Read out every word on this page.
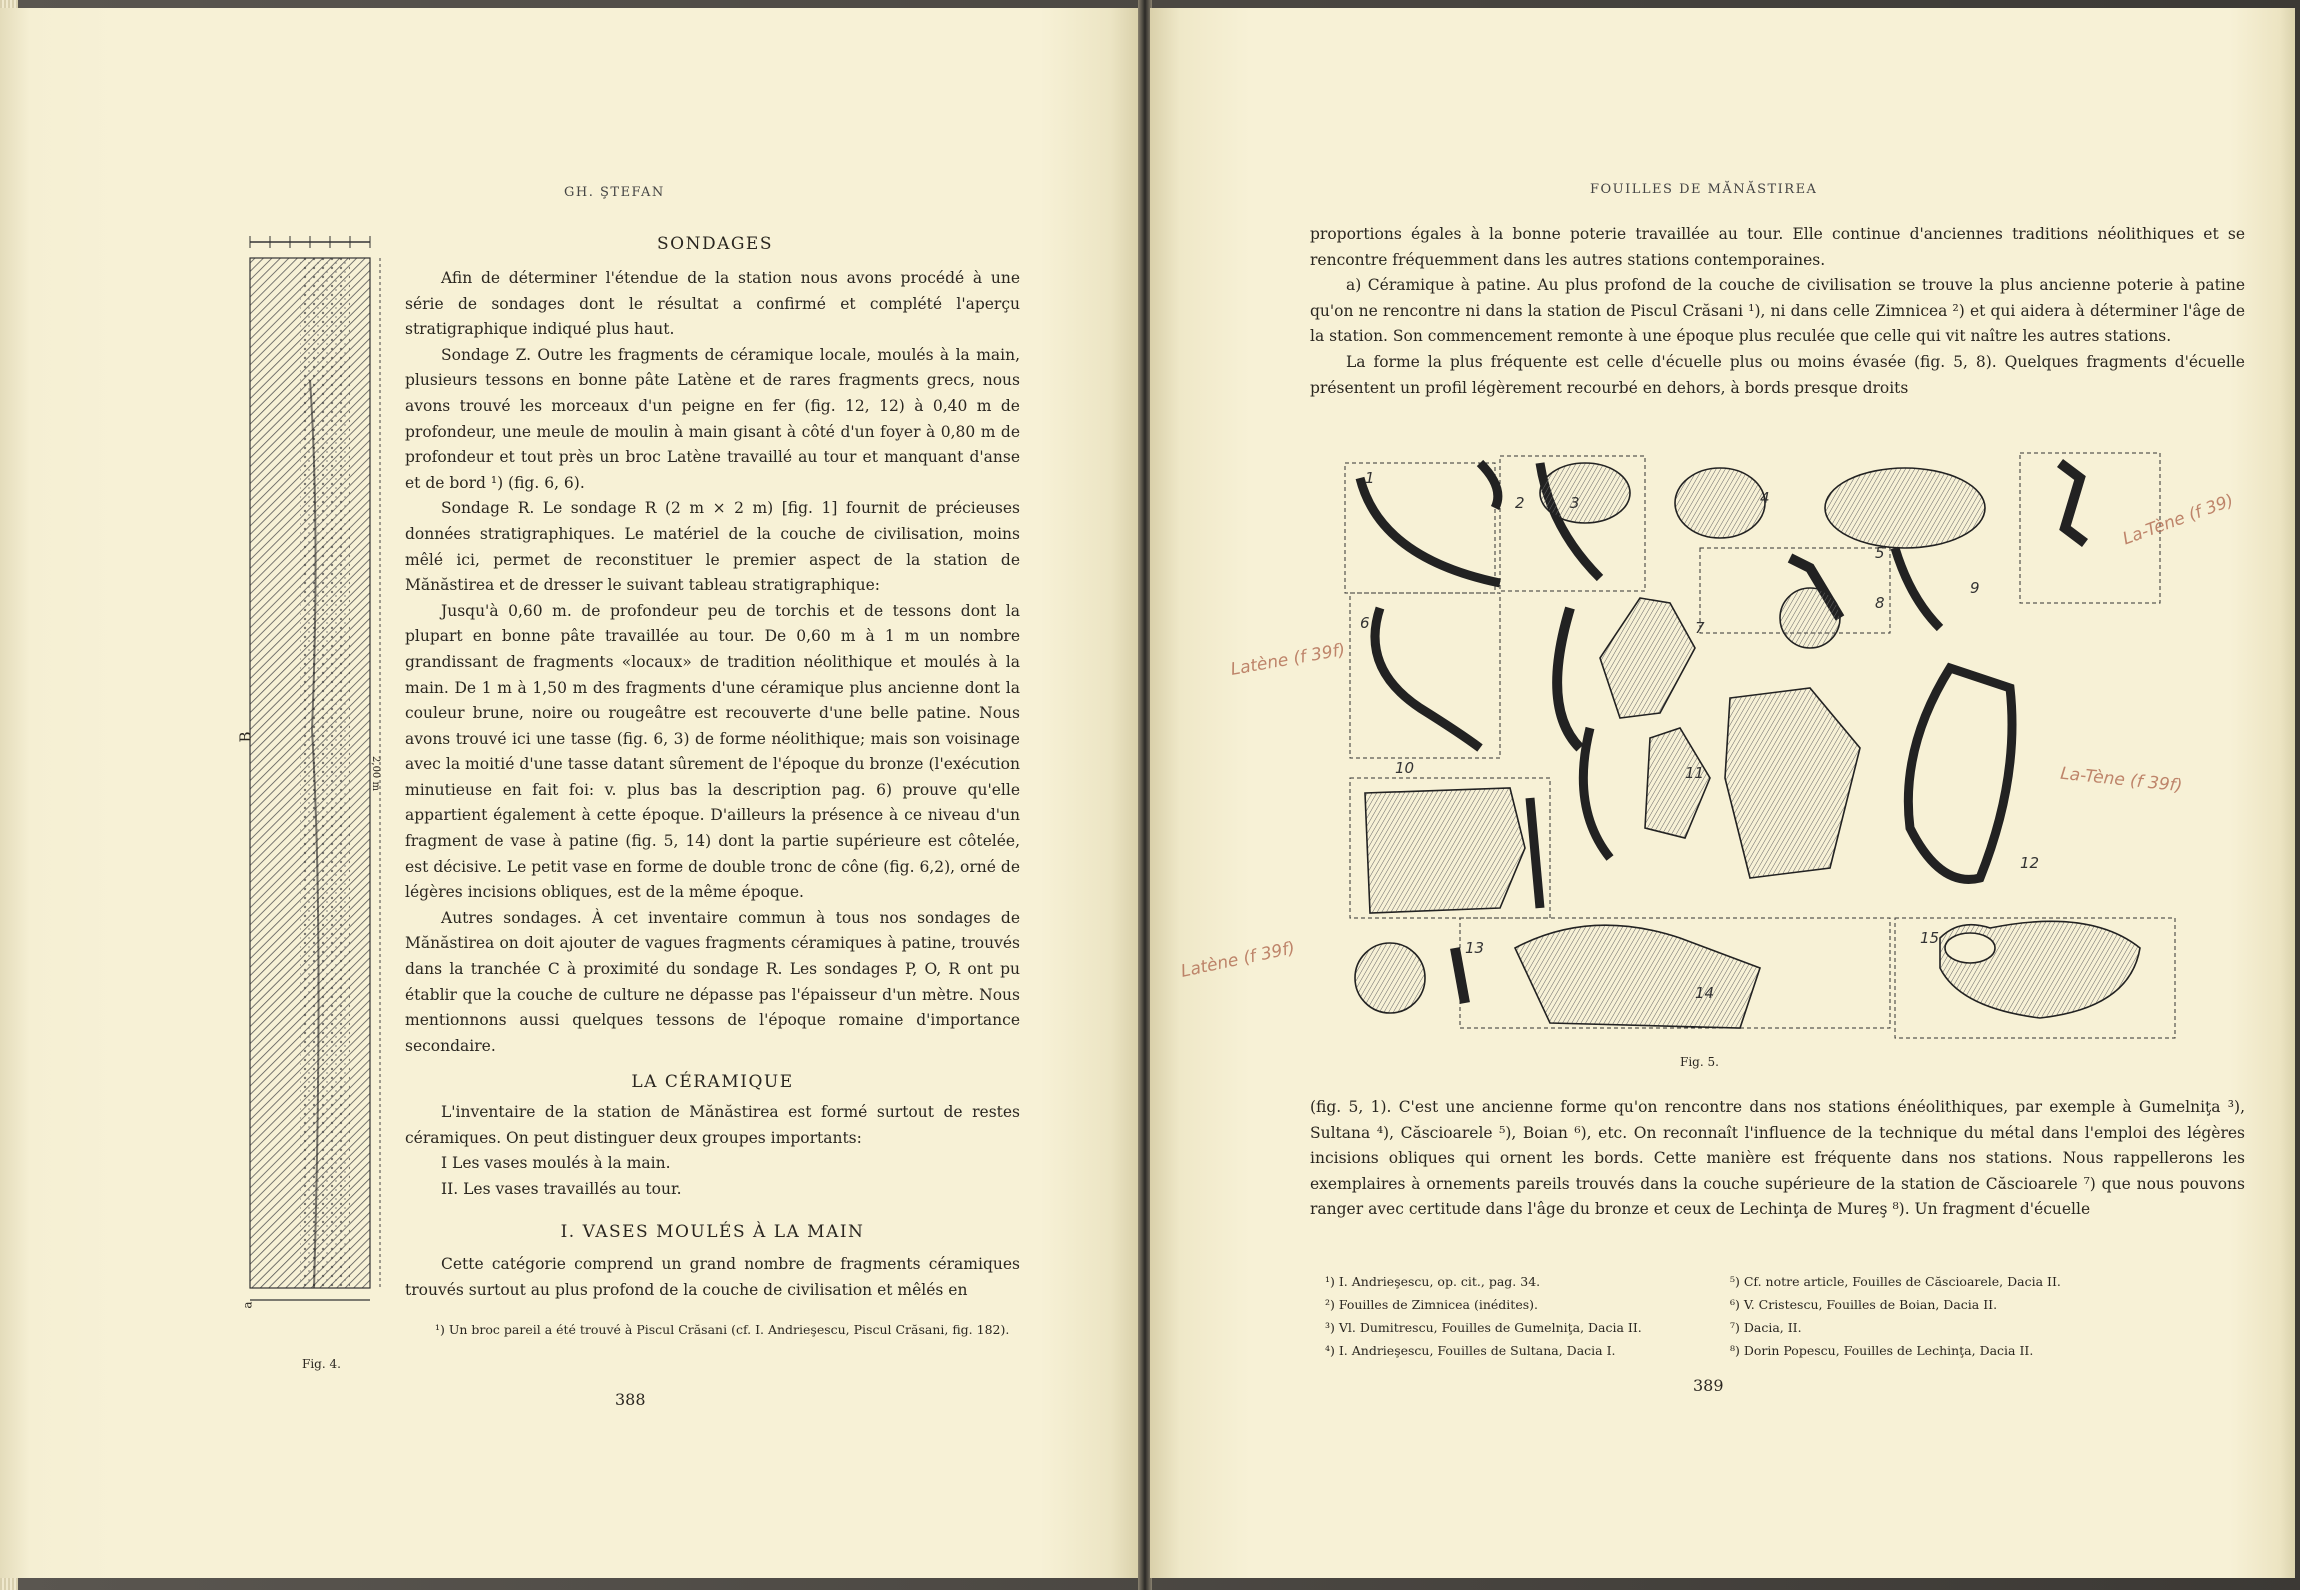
GH. ŞTEFAN
B
2,00 m
a
Fig. 4.
SONDAGES

Afin de déterminer l'étendue de la station nous avons procédé à une série de sondages dont le résultat a confirmé et complété l'aperçu stratigraphique indiqué plus haut.

Sondage Z. Outre les fragments de céramique locale, moulés à la main, plusieurs tessons en bonne pâte Latène et de rares fragments grecs, nous avons trouvé les morceaux d'un peigne en fer (fig. 12, 12) à 0,40 m de profondeur, une meule de moulin à main gisant à côté d'un foyer à 0,80 m de profondeur et tout près un broc Latène travaillé au tour et manquant d'anse et de bord ¹) (fig. 6, 6).

Sondage R. Le sondage R (2 m × 2 m) [fig. 1] fournit de précieuses données stratigraphiques. Le matériel de la couche de civilisation, moins mêlé ici, permet de reconstituer le premier aspect de la station de Mănăstirea et de dresser le suivant tableau stratigraphique:

Jusqu'à 0,60 m. de profondeur peu de torchis et de tessons dont la plupart en bonne pâte travaillée au tour. De 0,60 m à 1 m un nombre grandissant de fragments «locaux» de tradition néolithique et moulés à la main. De 1 m à 1,50 m des fragments d'une céramique plus ancienne dont la couleur brune, noire ou rougeâtre est recouverte d'une belle patine. Nous avons trouvé ici une tasse (fig. 6, 3) de forme néolithique; mais son voisinage avec la moitié d'une tasse datant sûrement de l'époque du bronze (l'exécution minutieuse en fait foi: v. plus bas la description pag. 6) prouve qu'elle appartient également à cette époque. D'ailleurs la présence à ce niveau d'un fragment de vase à patine (fig. 5, 14) dont la partie supérieure est côtelée, est décisive. Le petit vase en forme de double tronc de cône (fig. 6,2), orné de légères incisions obliques, est de la même époque.

Autres sondages. À cet inventaire commun à tous nos sondages de Mănăstirea on doit ajouter de vagues fragments céramiques à patine, trouvés dans la tranchée C à proximité du sondage R. Les sondages P, O, R ont pu établir que la couche de culture ne dépasse pas l'épaisseur d'un mètre. Nous mentionnons aussi quelques tessons de l'époque romaine d'importance secondaire.

LA CÉRAMIQUE

L'inventaire de la station de Mănăstirea est formé surtout de restes céramiques. On peut distinguer deux groupes importants:

I Les vases moulés à la main.

II. Les vases travaillés au tour.

I. VASES MOULÉS À LA MAIN

Cette catégorie comprend un grand nombre de fragments céramiques trouvés surtout au plus profond de la couche de civilisation et mêlés en

¹) Un broc pareil a été trouvé à Piscul Crăsani (cf. I. Andrieşescu, Piscul Crăsani, fig. 182).
388
FOUILLES DE MĂNĂSTIREA

proportions égales à la bonne poterie travaillée au tour. Elle continue d'anciennes traditions néolithiques et se rencontre fréquemment dans les autres stations contemporaines.

a) Céramique à patine. Au plus profond de la couche de civilisation se trouve la plus ancienne poterie à patine qu'on ne rencontre ni dans la station de Piscul Crăsani ¹), ni dans celle Zimnicea ²) et qui aidera à déterminer l'âge de la station. Son commencement remonte à une époque plus reculée que celle qui vit naître les autres stations.

La forme la plus fréquente est celle d'écuelle plus ou moins évasée (fig. 5, 8). Quelques fragments d'écuelle présentent un profil légèrement recourbé en dehors, à bords presque droits

1
2	3	4
5
6	7
8
9
10	11
12
13
14
15
Fig. 5.

(fig. 5, 1). C'est une ancienne forme qu'on rencontre dans nos stations énéolithiques, par exemple à Gumelniţa ³), Sultana ⁴), Căscioarele ⁵), Boian ⁶), etc. On reconnaît l'influence de la technique du métal dans l'emploi des légères incisions obliques qui ornent les bords. Cette manière est fréquente dans nos stations. Nous rappellerons les exemplaires à ornements pareils trouvés dans la couche supérieure de la station de Căscioarele ⁷) que nous pouvons ranger avec certitude dans l'âge du bronze et ceux de Lechinţa de Mureş ⁸). Un fragment d'écuelle

¹) I. Andrieşescu, op. cit., pag. 34.
²) Fouilles de Zimnicea (inédites).
³) Vl. Dumitrescu, Fouilles de Gumelniţa, Dacia II.
⁴) I. Andrieşescu, Fouilles de Sultana, Dacia I.
⁵) Cf. notre article, Fouilles de Căscioarele, Dacia II.
⁶) V. Cristescu, Fouilles de Boian, Dacia II.
⁷) Dacia, II.
⁸) Dorin Popescu, Fouilles de Lechinţa, Dacia II.
389
La-Tène (f 39)
Latène (f 39f)
La-Tène (f 39f)
Latène (f 39f)
